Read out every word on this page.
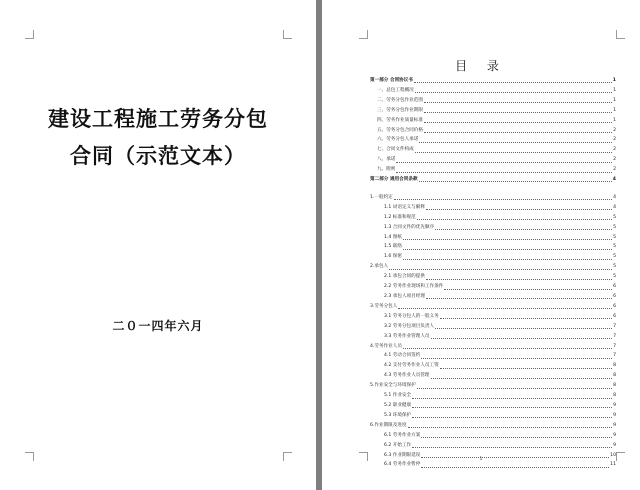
建设工程施工劳务分包
合同（示范文本）
二０一四年六月
目 录
第一部分 合同协议书	1
一、总包工程概况	1
二、劳务分包作业范围	1
三、劳务分包作业期限	1
四、劳务作业质量标准	1
五、劳务分包合同价格	2
六、劳务分包人承诺	2
七、合同文件构成	2
八、承诺	2
九、附则	2
第二部分 通用合同条款	4
1.一般约定	4
1.1 词语定义与解释	4
1.2 标准和规范	5
1.3 合同文件的优先顺序	5
1.4 图纸	5
1.5 联络	5
1.6 保密	5
2.承包人	5
2.1 承包合同的提供	5
2.2 劳务作业现场和工作条件	6
2.3 承包人项目经理	6
3.劳务分包人	6
3.1 劳务分包人的一般义务	6
3.2 劳务分包项目负责人	7
3.3 劳务作业管理人员	7
4.劳务作业人员	7
4.1 劳动合同签约	7
4.2 支付劳务作业人员工资	8
4.3 劳务作业人员管理	8
5.作业安全与环境保护	8
5.1 作业安全	8
5.2 职业健康	9
5.3 环境保护	9
6.作业期限及进度	9
6.1 劳务作业方案	9
6.2 开始工作	9
6.3 作业期限延误	10
6.4 劳务作业暂停	11
1
